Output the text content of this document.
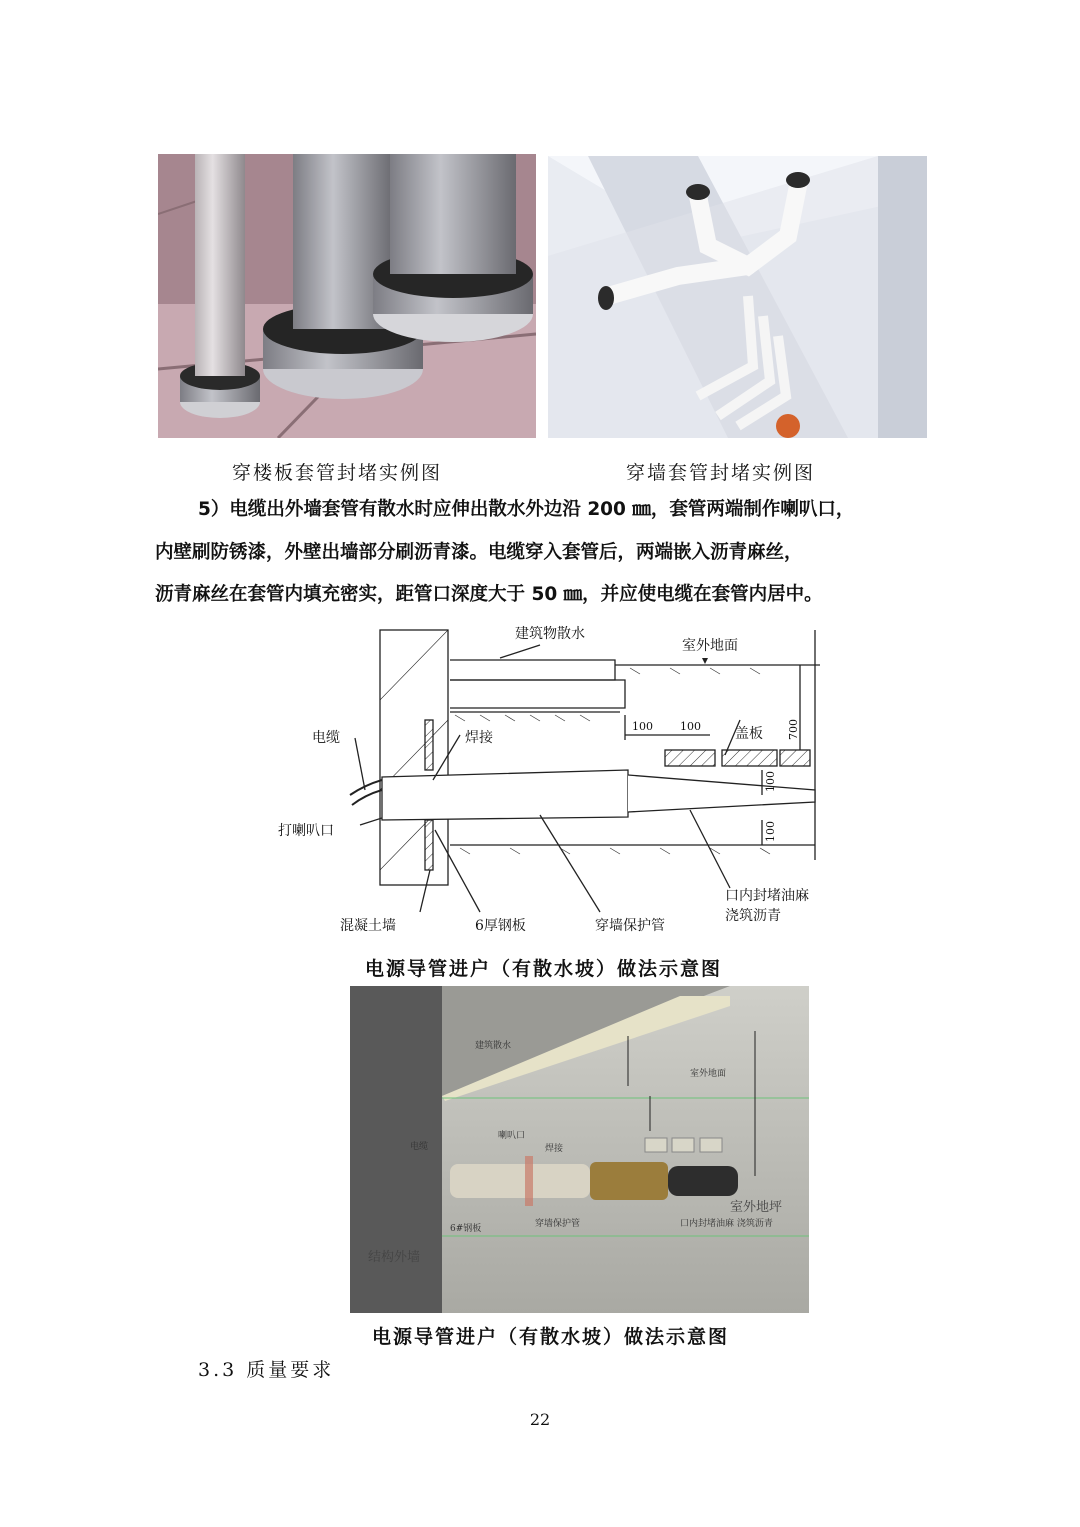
穿楼板套管封堵实例图	穿墙套管封堵实例图
5）电缆出外墙套管有散水时应伸出散水外边沿 200 ㎜，套管两端制作喇叭口，
内壁刷防锈漆，外壁出墙部分刷沥青漆。电缆穿入套管后，两端嵌入沥青麻丝，
沥青麻丝在套管内填充密实，距管口深度大于 50 ㎜，并应使电缆在套管内居中。
建筑物散水
室外地面
电缆	焊接	盖板
打喇叭口
混凝土墙	6厚钢板	穿墙保护管
口内封堵油麻
浇筑沥青
100 100	700
100
100
电源导管进户（有散水坡）做法示意图
建筑散水
室外地面
电缆
喇叭口
焊接
6#钢板	穿墙保护管	口内封堵油麻 浇筑沥青
室外地坪
结构外墙
电源导管进户（有散水坡）做法示意图
3.3 质量要求
22
